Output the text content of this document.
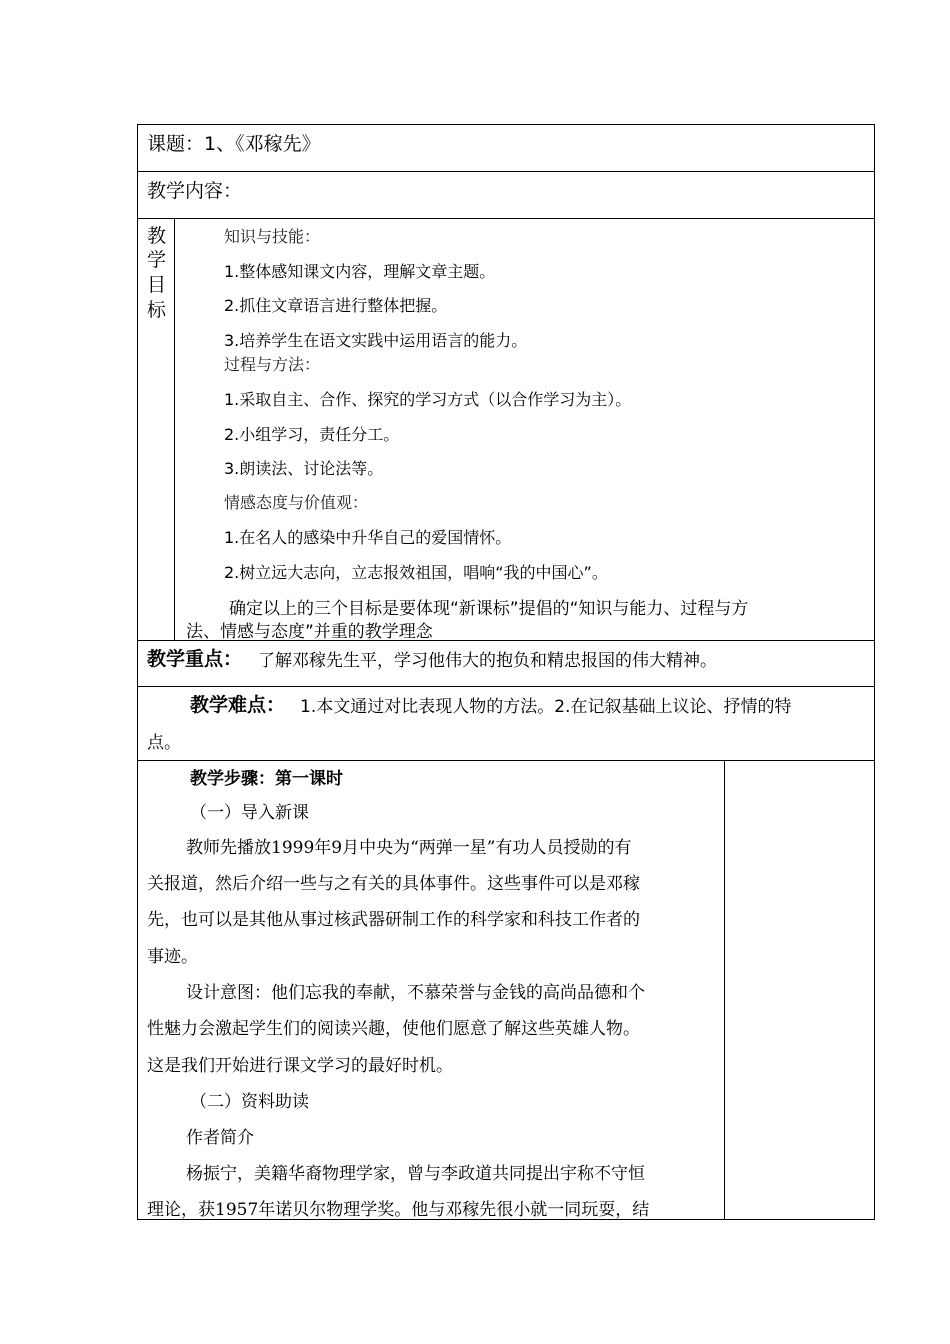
课题：1、《邓稼先》
教学内容：
教
学
目
标
知识与技能：
1.整体感知课文内容，理解文章主题。
2.抓住文章语言进行整体把握。
3.培养学生在语文实践中运用语言的能力。
过程与方法：
1.采取自主、合作、探究的学习方式（以合作学习为主）。
2.小组学习，责任分工。
3.朗读法、讨论法等。
情感态度与价值观：
1.在名人的感染中升华自己的爱国情怀。
2.树立远大志向，立志报效祖国，唱响“我的中国心”。
确定以上的三个目标是要体现“新课标”提倡的“知识与能力、过程与方
法、情感与态度”并重的教学理念
教学重点： 了解邓稼先生平，学习他伟大的抱负和精忠报国的伟大精神。
教学难点： 1.本文通过对比表现人物的方法。2.在记叙基础上议论、抒情的特
点。
教学步骤：第一课时
（一）导入新课
教师先播放1999年9月中央为“两弹一星”有功人员授勋的有
关报道，然后介绍一些与之有关的具体事件。这些事件可以是邓稼
先，也可以是其他从事过核武器研制工作的科学家和科技工作者的
事迹。
设计意图：他们忘我的奉献，不慕荣誉与金钱的高尚品德和个
性魅力会激起学生们的阅读兴趣，使他们愿意了解这些英雄人物。
这是我们开始进行课文学习的最好时机。
（二）资料助读
作者简介
杨振宁，美籍华裔物理学家，曾与李政道共同提出宇称不守恒
理论，获1957年诺贝尔物理学奖。他与邓稼先很小就一同玩耍，结
